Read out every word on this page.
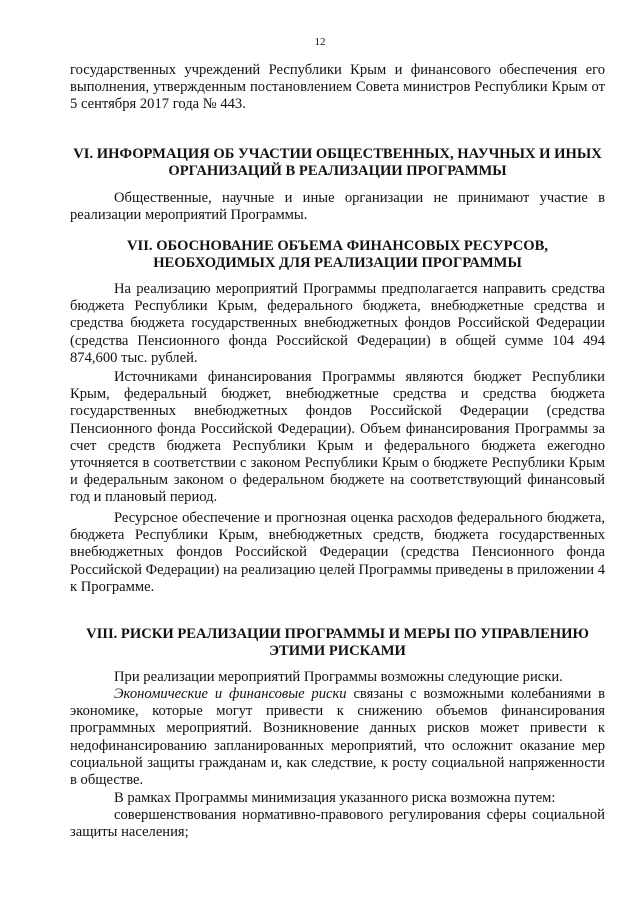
12

государственных учреждений Республики Крым и финансового обеспечения его выполнения, утвержденным постановлением Совета министров Республики Крым от 5 сентября 2017 года № 443.

VI. ИНФОРМАЦИЯ ОБ УЧАСТИИ ОБЩЕСТВЕННЫХ, НАУЧНЫХ И ИНЫХ ОРГАНИЗАЦИЙ В РЕАЛИЗАЦИИ ПРОГРАММЫ

Общественные, научные и иные организации не принимают участие в реализации мероприятий Программы.

VII. ОБОСНОВАНИЕ ОБЪЕМА ФИНАНСОВЫХ РЕСУРСОВ, НЕОБХОДИМЫХ ДЛЯ РЕАЛИЗАЦИИ ПРОГРАММЫ

На реализацию мероприятий Программы предполагается направить средства бюджета Республики Крым, федерального бюджета, внебюджетные средства и средства бюджета государственных внебюджетных фондов Российской Федерации (средства Пенсионного фонда Российской Федерации) в общей сумме 104 494 874,600 тыс. рублей.

Источниками финансирования Программы являются бюджет Республики Крым, федеральный бюджет, внебюджетные средства и средства бюджета государственных внебюджетных фондов Российской Федерации (средства Пенсионного фонда Российской Федерации). Объем финансирования Программы за счет средств бюджета Республики Крым и федерального бюджета ежегодно уточняется в соответствии с законом Республики Крым о бюджете Республики Крым и федеральным законом о федеральном бюджете на соответствующий финансовый год и плановый период.

Ресурсное обеспечение и прогнозная оценка расходов федерального бюджета, бюджета Республики Крым, внебюджетных средств, бюджета государственных внебюджетных фондов Российской Федерации (средства Пенсионного фонда Российской Федерации) на реализацию целей Программы приведены в приложении 4 к Программе.

VIII. РИСКИ РЕАЛИЗАЦИИ ПРОГРАММЫ И МЕРЫ ПО УПРАВЛЕНИЮ ЭТИМИ РИСКАМИ

При реализации мероприятий Программы возможны следующие риски.

Экономические и финансовые риски связаны с возможными колебаниями в экономике, которые могут привести к снижению объемов финансирования программных мероприятий. Возникновение данных рисков может привести к недофинансированию запланированных мероприятий, что осложнит оказание мер социальной защиты гражданам и, как следствие, к росту социальной напряженности в обществе.

В рамках Программы минимизация указанного риска возможна путем:

совершенствования нормативно-правового регулирования сферы социальной защиты населения;
